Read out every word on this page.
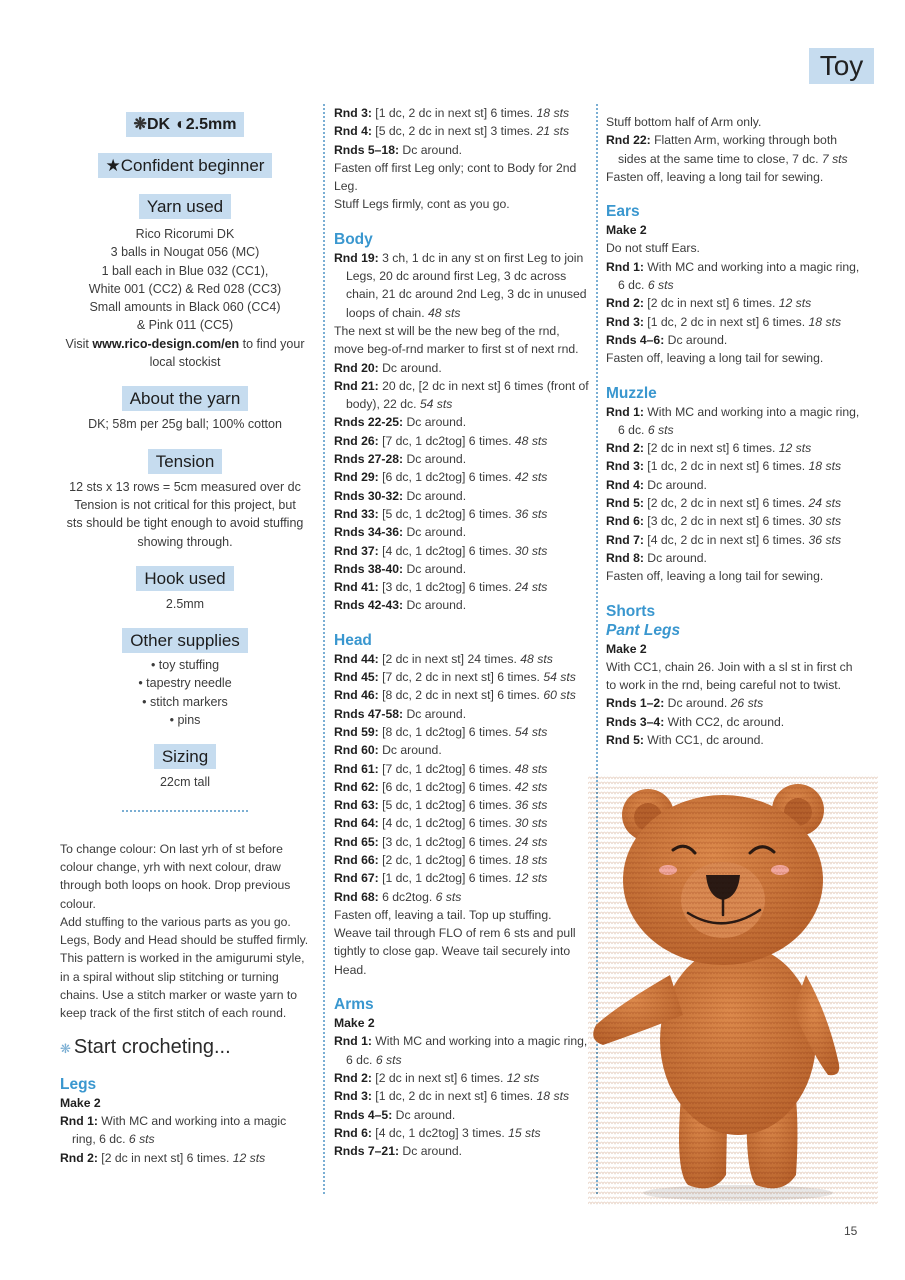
Toy
❋DK ◐2.5mm
★Confident beginner
Yarn used
Rico Ricorumi DK
3 balls in Nougat 056 (MC)
1 ball each in Blue 032 (CC1),
White 001 (CC2) & Red 028 (CC3)
Small amounts in Black 060 (CC4)
& Pink 011 (CC5)
Visit www.rico-design.com/en to find your local stockist
About the yarn
DK; 58m per 25g ball; 100% cotton
Tension
12 sts x 13 rows = 5cm measured over dc
Tension is not critical for this project, but
sts should be tight enough to avoid stuffing
showing through.
Hook used
2.5mm
Other supplies
• toy stuffing
• tapestry needle
• stitch markers
• pins
Sizing
22cm tall

To change colour: On last yrh of st before colour change, yrh with next colour, draw through both loops on hook. Drop previous colour.

Add stuffing to the various parts as you go. Legs, Body and Head should be stuffed firmly.

This pattern is worked in the amigurumi style, in a spiral without slip stitching or turning chains. Use a stitch marker or waste yarn to keep track of the first stitch of each round.

❋ Start crocheting...
Legs
Make 2
Rnd 1: With MC and working into a magic ring, 6 dc. 6 sts
Rnd 2: [2 dc in next st] 6 times. 12 sts
Rnd 3: [1 dc, 2 dc in next st] 6 times. 18 sts
Rnd 4: [5 dc, 2 dc in next st] 3 times. 21 sts
Rnds 5–18: Dc around.

Fasten off first Leg only; cont to Body for 2nd Leg.

Stuff Legs firmly, cont as you go.

Body
Rnd 19: 3 ch, 1 dc in any st on first Leg to join Legs, 20 dc around first Leg, 3 dc across chain, 21 dc around 2nd Leg, 3 dc in unused loops of chain. 48 sts

The next st will be the new beg of the rnd, move beg-of-rnd marker to first st of next rnd.

Rnd 20: Dc around.
Rnd 21: 20 dc, [2 dc in next st] 6 times (front of body), 22 dc. 54 sts
Rnds 22-25: Dc around.
Rnd 26: [7 dc, 1 dc2tog] 6 times. 48 sts
Rnds 27-28: Dc around.
Rnd 29: [6 dc, 1 dc2tog] 6 times. 42 sts
Rnds 30-32: Dc around.
Rnd 33: [5 dc, 1 dc2tog] 6 times. 36 sts
Rnds 34-36: Dc around.
Rnd 37: [4 dc, 1 dc2tog] 6 times. 30 sts
Rnds 38-40: Dc around.
Rnd 41: [3 dc, 1 dc2tog] 6 times. 24 sts
Rnds 42-43: Dc around.
Head
Rnd 44: [2 dc in next st] 24 times. 48 sts
Rnd 45: [7 dc, 2 dc in next st] 6 times. 54 sts
Rnd 46: [8 dc, 2 dc in next st] 6 times. 60 sts
Rnds 47-58: Dc around.
Rnd 59: [8 dc, 1 dc2tog] 6 times. 54 sts
Rnd 60: Dc around.
Rnd 61: [7 dc, 1 dc2tog] 6 times. 48 sts
Rnd 62: [6 dc, 1 dc2tog] 6 times. 42 sts
Rnd 63: [5 dc, 1 dc2tog] 6 times. 36 sts
Rnd 64: [4 dc, 1 dc2tog] 6 times. 30 sts
Rnd 65: [3 dc, 1 dc2tog] 6 times. 24 sts
Rnd 66: [2 dc, 1 dc2tog] 6 times. 18 sts
Rnd 67: [1 dc, 1 dc2tog] 6 times. 12 sts
Rnd 68: 6 dc2tog. 6 sts

Fasten off, leaving a tail. Top up stuffing. Weave tail through FLO of rem 6 sts and pull tightly to close gap. Weave tail securely into Head.

Arms
Make 2
Rnd 1: With MC and working into a magic ring, 6 dc. 6 sts
Rnd 2: [2 dc in next st] 6 times. 12 sts
Rnd 3: [1 dc, 2 dc in next st] 6 times. 18 sts
Rnds 4–5: Dc around.
Rnd 6: [4 dc, 1 dc2tog] 3 times. 15 sts
Rnds 7–21: Dc around.

Stuff bottom half of Arm only.

Rnd 22: Flatten Arm, working through both sides at the same time to close, 7 dc. 7 sts

Fasten off, leaving a long tail for sewing.

Ears
Make 2

Do not stuff Ears.

Rnd 1: With MC and working into a magic ring, 6 dc. 6 sts
Rnd 2: [2 dc in next st] 6 times. 12 sts
Rnd 3: [1 dc, 2 dc in next st] 6 times. 18 sts
Rnds 4–6: Dc around.

Fasten off, leaving a long tail for sewing.

Muzzle
Rnd 1: With MC and working into a magic ring, 6 dc. 6 sts
Rnd 2: [2 dc in next st] 6 times. 12 sts
Rnd 3: [1 dc, 2 dc in next st] 6 times. 18 sts
Rnd 4: Dc around.
Rnd 5: [2 dc, 2 dc in next st] 6 times. 24 sts
Rnd 6: [3 dc, 2 dc in next st] 6 times. 30 sts
Rnd 7: [4 dc, 2 dc in next st] 6 times. 36 sts
Rnd 8: Dc around.

Fasten off, leaving a long tail for sewing.

Shorts
Pant Legs
Make 2

With CC1, chain 26. Join with a sl st in first ch to work in the rnd, being careful not to twist.

Rnds 1–2: Dc around. 26 sts
Rnds 3–4: With CC2, dc around.
Rnd 5: With CC1, dc around.
15
